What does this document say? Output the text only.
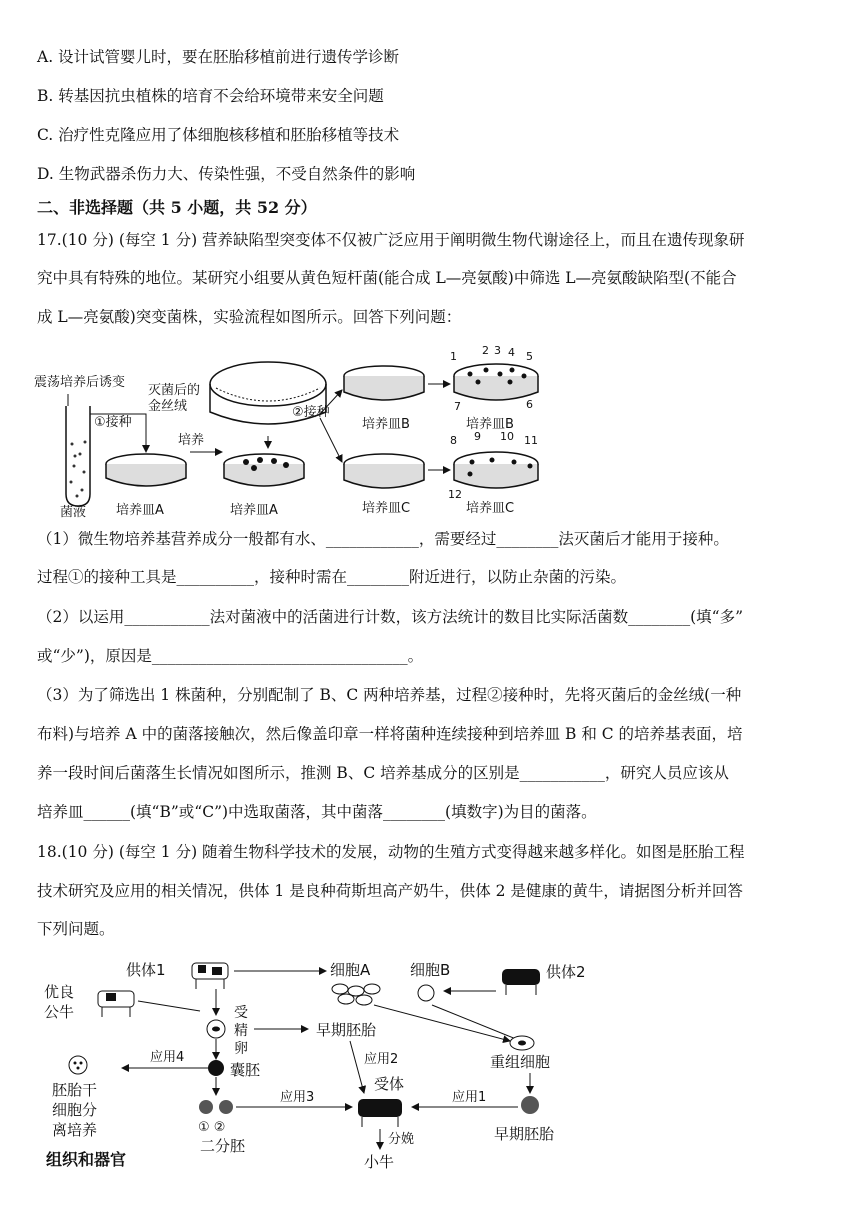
A. 设计试管婴儿时，要在胚胎移植前进行遗传学诊断
B. 转基因抗虫植株的培育不会给环境带来安全问题
C. 治疗性克隆应用了体细胞核移植和胚胎移植等技术
D. 生物武器杀伤力大、传染性强，不受自然条件的影响
二、非选择题（共 5 小题，共 52 分）
17.(10 分) (每空 1 分) 营养缺陷型突变体不仅被广泛应用于阐明微生物代谢途径上，而且在遗传现象研
究中具有特殊的地位。某研究小组要从黄色短杆菌(能合成 L—亮氨酸)中筛选 L—亮氨酸缺陷型(不能合
成 L—亮氨酸)突变菌株，实验流程如图所示。回答下列问题：
震荡培养后诱变
菌液
①接种
培养皿A
培养
培养皿A
灭菌后的
金丝绒	②接种
培养皿B
1 2 3 4 5
6
7
培养皿B
培养皿C
8 9 10 11
12
培养皿C
（1）微生物培养基营养成分一般都有水、____________，需要经过________法灭菌后才能用于接种。
过程①的接种工具是__________，接种时需在________附近进行，以防止杂菌的污染。
（2）以运用___________法对菌液中的活菌进行计数，该方法统计的数目比实际活菌数________(填“多”
或“少”)，原因是_________________________________。
（3）为了筛选出 1 株菌种，分别配制了 B、C 两种培养基，过程②接种时，先将灭菌后的金丝绒(一种
布料)与培养 A 中的菌落接触次，然后像盖印章一样将菌种连续接种到培养皿 B 和 C 的培养基表面，培
养一段时间后菌落生长情况如图所示，推测 B、C 培养基成分的区别是___________，研究人员应该从
培养皿______(填“B”或“C”)中选取菌落，其中菌落________(填数字)为目的菌落。
18.(10 分) (每空 1 分) 随着生物科学技术的发展，动物的生殖方式变得越来越多样化。如图是胚胎工程
技术研究及应用的相关情况，供体 1 是良种荷斯坦高产奶牛，供体 2 是健康的黄牛，请据图分析并回答
下列问题。
供体1
优良
公牛
细胞A	细胞B	供体2
受
精
卵
早期胚胎
重组细胞
囊胚
应用4
胚胎干
细胞分
离培养
组织和器官
① ②
二分胚
应用3
应用2
受体
应用1
早期胚胎
分娩
小牛
